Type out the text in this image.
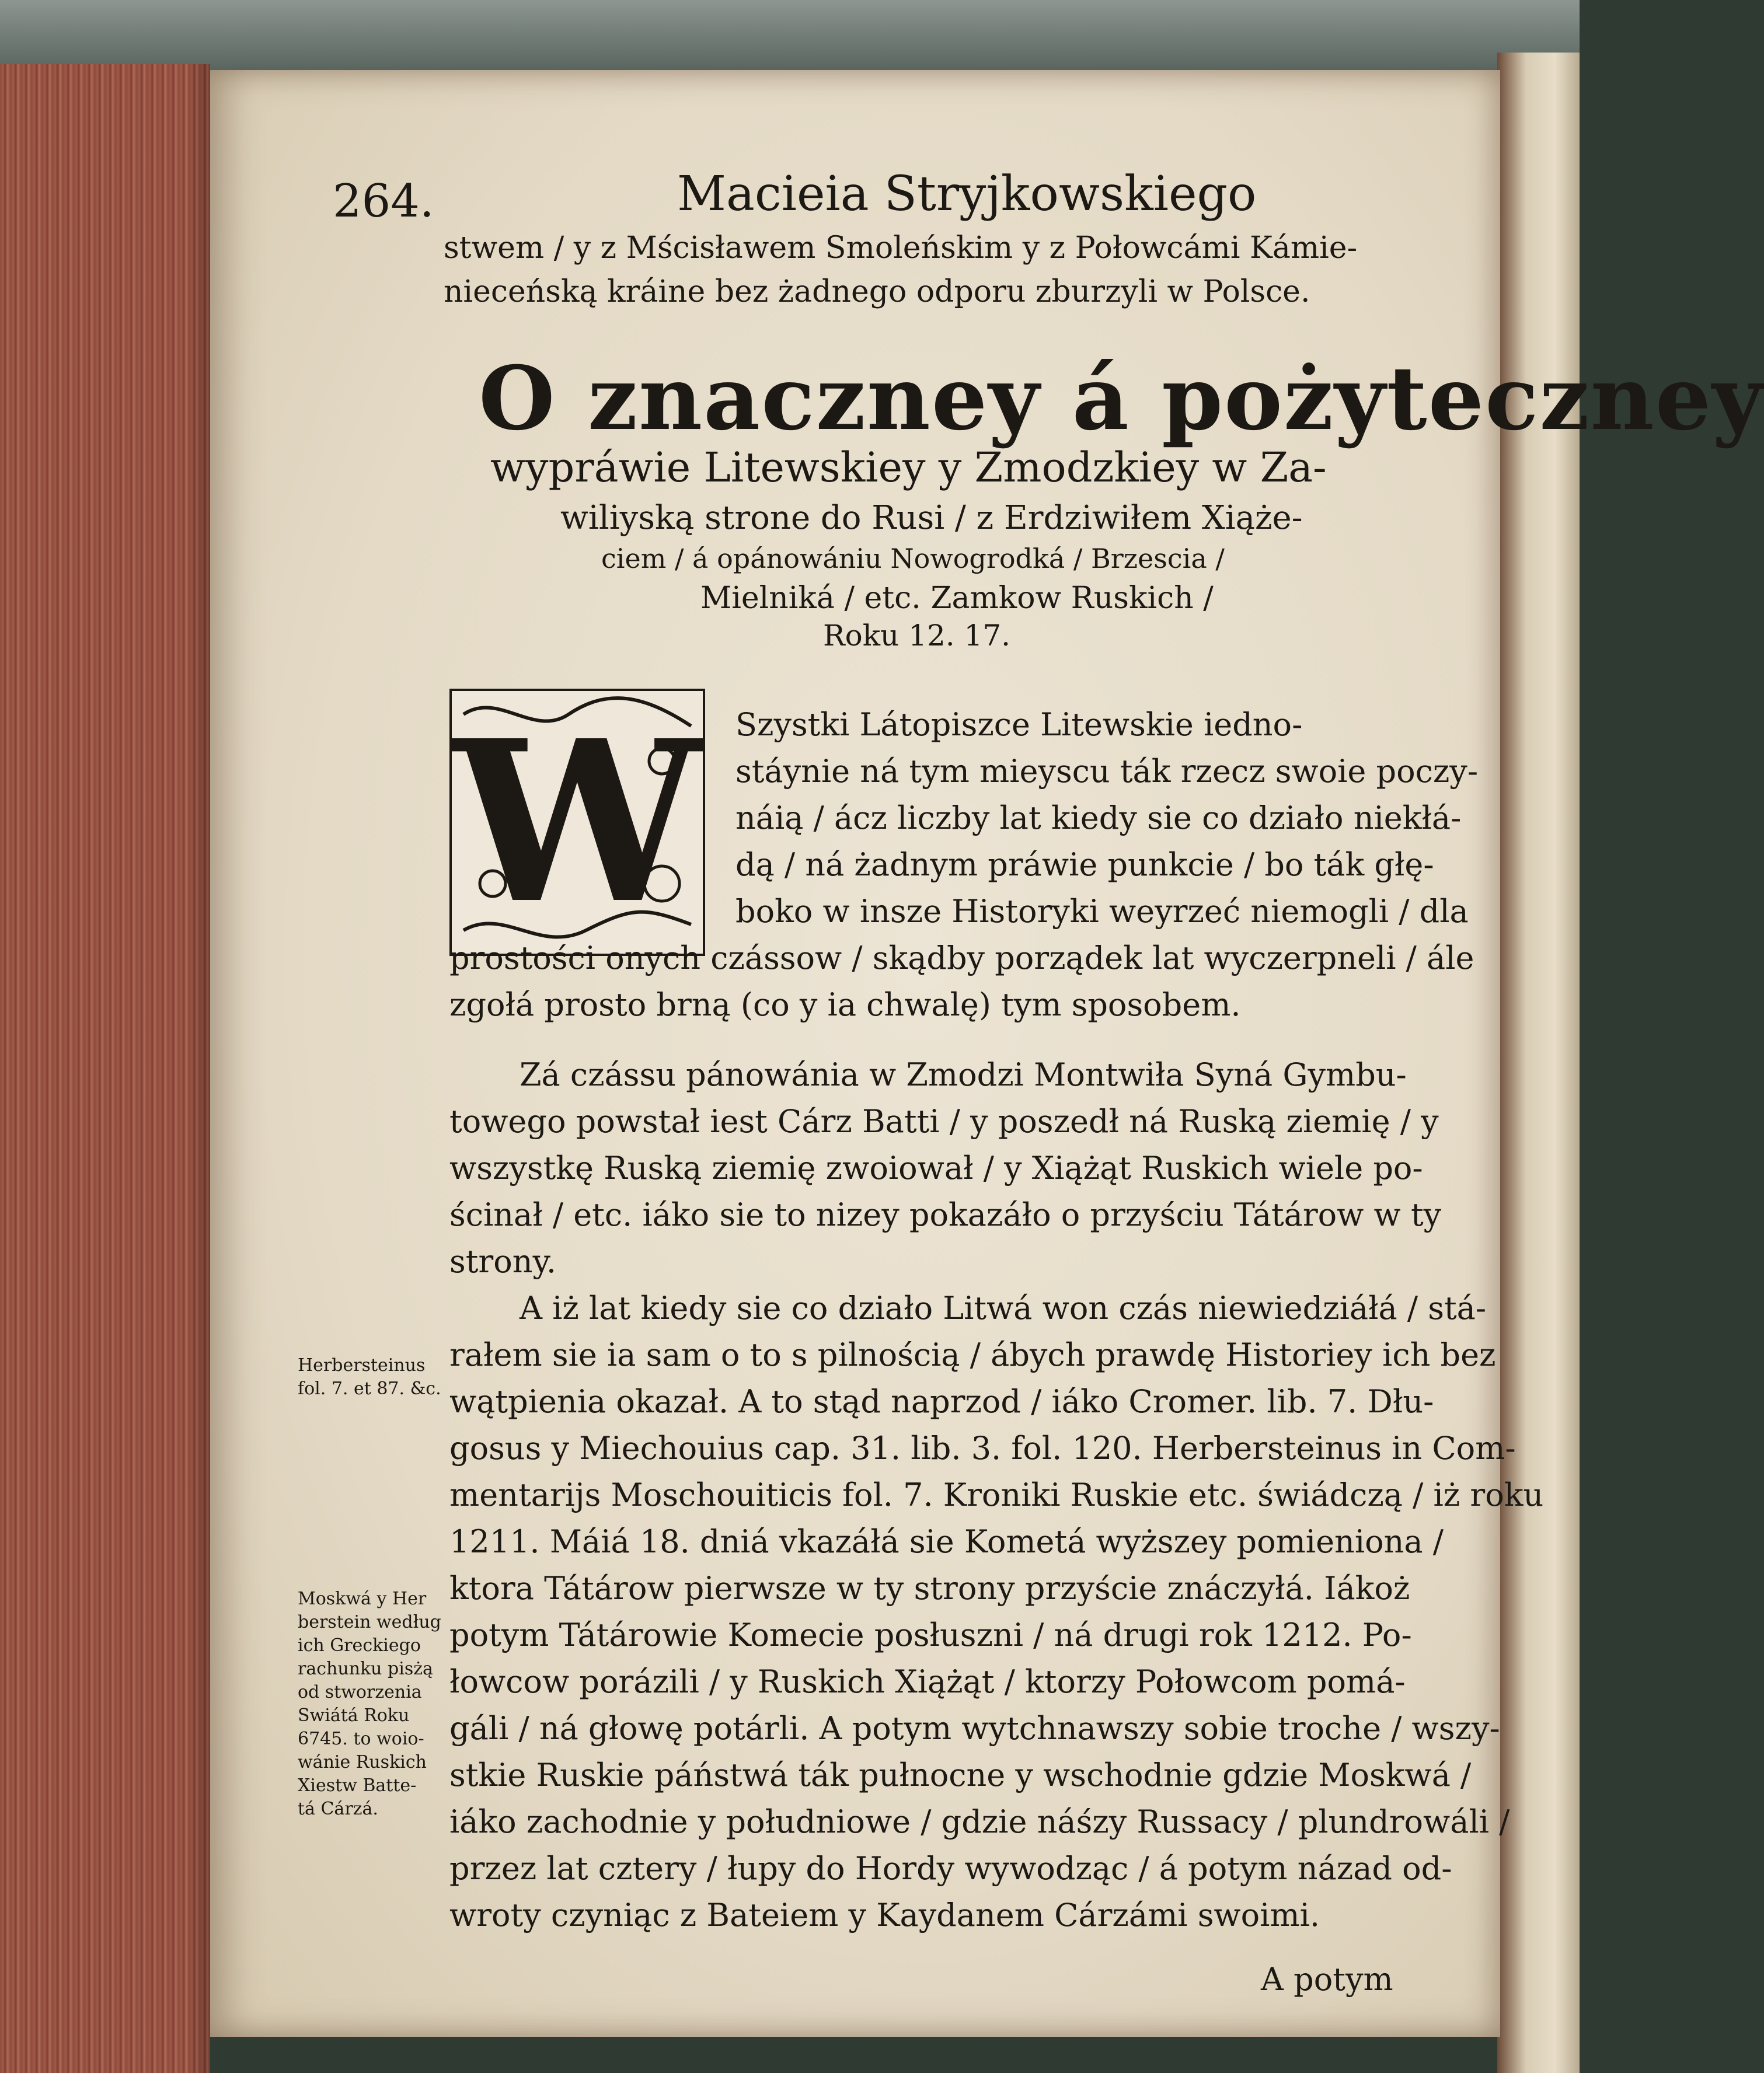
264.	Macieia Stryjkowskiego
stwem / y z Mścisławem Smoleńskim y z Połowcámi Kámie-
nieceńską kráine bez żadnego odporu zburzyli w Polsce.
O znaczney á pożyteczney
wypráwie Litewskiey y Zmodzkiey w Za-
wiliyską strone do Rusi / z Erdziwiłem Xiąże-
ciem / á opánowániu Nowogrodká / Brzescia /
Mielniká / etc. Zamkow Ruskich /
Roku 12. 17.
W Szystki Látopiszce Litewskie iedno-
stáynie ná tym mieyscu ták rzecz swoie poczy-
náią / ácz liczby lat kiedy sie co działo niekłá-
dą / ná żadnym práwie punkcie / bo ták głę-
boko w insze Historyki weyrzeć niemogli / dla
prostości onych czássow / skądby porządek lat wyczerpneli / ále
zgołá prosto brną (co y ia chwalę) tym sposobem.
Zá czássu pánowánia w Zmodzi Montwiła Syná Gymbu-
towego powstał iest Cárz Batti / y poszedł ná Ruską ziemię / y
wszystkę Ruską ziemię zwoiował / y Xiążąt Ruskich wiele po-
ścinał / etc. iáko sie to nizey pokazáło o przyściu Tátárow w ty
strony.
A iż lat kiedy sie co działo Litwá won czás niewiedziáłá / stá-
rałem sie ia sam o to s pilnością / ábych prawdę Historiey ich bez
wątpienia okazał. A to stąd naprzod / iáko Cromer. lib. 7. Dłu-
gosus y Miechouius cap. 31. lib. 3. fol. 120. Herbersteinus in Com-
mentarijs Moschouiticis fol. 7. Kroniki Ruskie etc. świádczą / iż roku
1211. Máiá 18. dniá vkazáłá sie Kometá wyższey pomieniona /
ktora Tátárow pierwsze w ty strony przyście znáczyłá. Iákoż
potym Tátárowie Komecie posłuszni / ná drugi rok 1212. Po-
łowcow porázili / y Ruskich Xiążąt / ktorzy Połowcom pomá-
gáli / ná głowę potárli. A potym wytchnawszy sobie troche / wszy-
stkie Ruskie páństwá ták pułnocne y wschodnie gdzie Moskwá /
iáko zachodnie y południowe / gdzie náśzy Russacy / plundrowáli /
przez lat cztery / łupy do Hordy wywodząc / á potym názad od-
wroty czyniąc z Bateiem y Kaydanem Cárzámi swoimi.
A potym
Herbersteinus
fol. 7. et 87. &c.
Moskwá y Her
berstein według
ich Greckiego
rachunku pisżą
od stworzenia
Swiátá Roku
6745. to woio-
wánie Ruskich
Xiestw Batte-
tá Cárzá.
